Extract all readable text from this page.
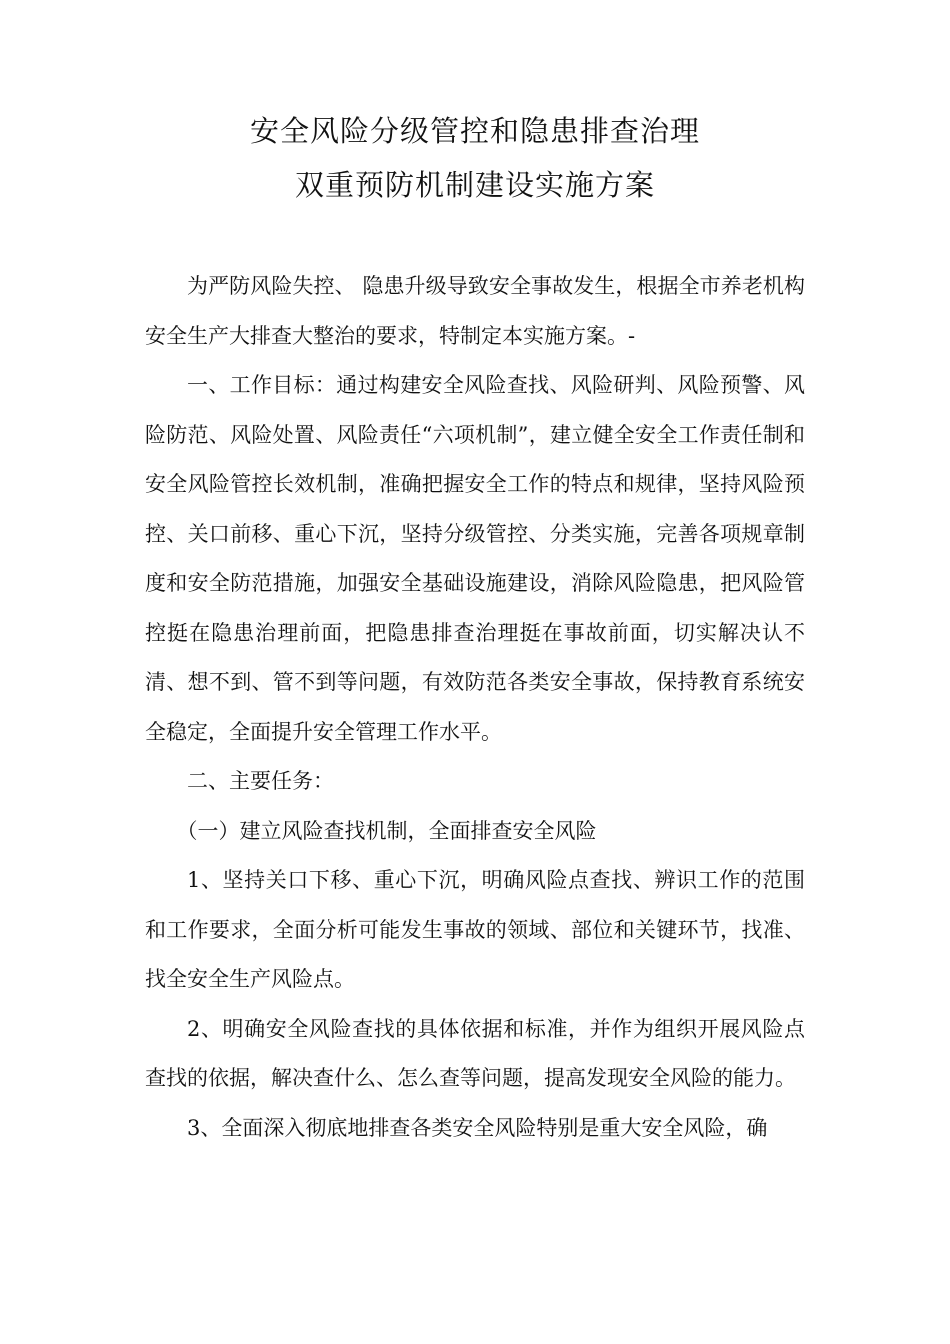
安全风险分级管控和隐患排查治理
双重预防机制建设实施方案

为严防风险失控、 隐患升级导致安全事故发生，根据全市养老机构安全生产大排查大整治的要求，特制定本实施方案。-

一、工作目标：通过构建安全风险查找、风险研判、风险预警、风险防范、风险处置、风险责任“六项机制”，建立健全安全工作责任制和安全风险管控长效机制，准确把握安全工作的特点和规律，坚持风险预控、关口前移、重心下沉，坚持分级管控、分类实施，完善各项规章制度和安全防范措施，加强安全基础设施建设，消除风险隐患，把风险管控挺在隐患治理前面，把隐患排查治理挺在事故前面，切实解决认不清、想不到、管不到等问题，有效防范各类安全事故，保持教育系统安全稳定，全面提升安全管理工作水平。

二、主要任务：

（一）建立风险查找机制，全面排查安全风险

1、坚持关口下移、重心下沉，明确风险点查找、辨识工作的范围和工作要求，全面分析可能发生事故的领域、部位和关键环节，找准、找全安全生产风险点。

2、明确安全风险查找的具体依据和标准，并作为组织开展风险点查找的依据，解决查什么、怎么查等问题，提高发现安全风险的能力。

3、全面深入彻底地排查各类安全风险特别是重大安全风险，确
